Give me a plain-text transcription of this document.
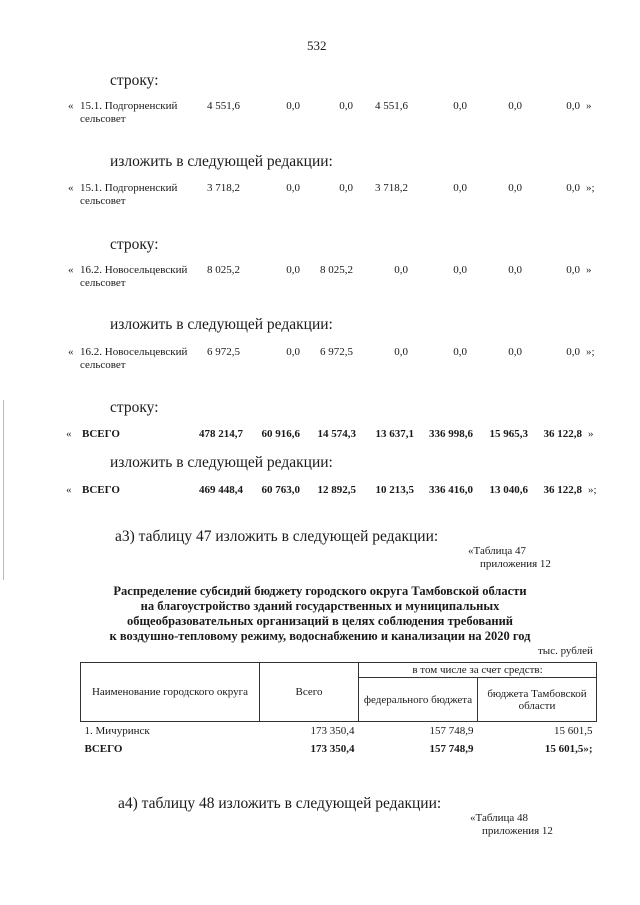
532
строку:
изложить в следующей редакции:
строку:
изложить в следующей редакции:
строку:
изложить в следующей редакции:
« 15.1. Подгорненский сельсовет
4 551,6	0,0	0,0	4 551,6	0,0	0,0	0,0 »
« 15.1. Подгорненский сельсовет
3 718,2	0,0	0,0	3 718,2	0,0	0,0	0,0 »;
« 16.2. Новосельцевский сельсовет
8 025,2	0,0	8 025,2	0,0	0,0	0,0	0,0 »
« 16.2. Новосельцевский сельсовет
6 972,5	0,0	6 972,5	0,0	0,0	0,0	0,0 »;
« ВСЕГО	478 214,7	60 916,6	14 574,3	13 637,1	336 998,6	15 965,3	36 122,8 »
« ВСЕГО	469 448,4	60 763,0	12 892,5	10 213,5	336 416,0	13 040,6	36 122,8 »;
а3) таблицу 47 изложить в следующей редакции:
«Таблица 47
приложения 12
Распределение субсидий бюджету городского округа Тамбовской области
на благоустройство зданий государственных и муниципальных
общеобразовательных организаций в целях соблюдения требований
к воздушно-тепловому режиму, водоснабжению и канализации на 2020 год
тыс. рублей
Наименование городского округа	Всего	в том числе за счет средств:	
		федерального бюджета	бюджета Тамбовской области
1. Мичуринск	173 350,4	157 748,9	15 601,5
ВСЕГО	173 350,4	157 748,9	15 601,5»;
а4) таблицу 48 изложить в следующей редакции:
«Таблица 48
приложения 12
